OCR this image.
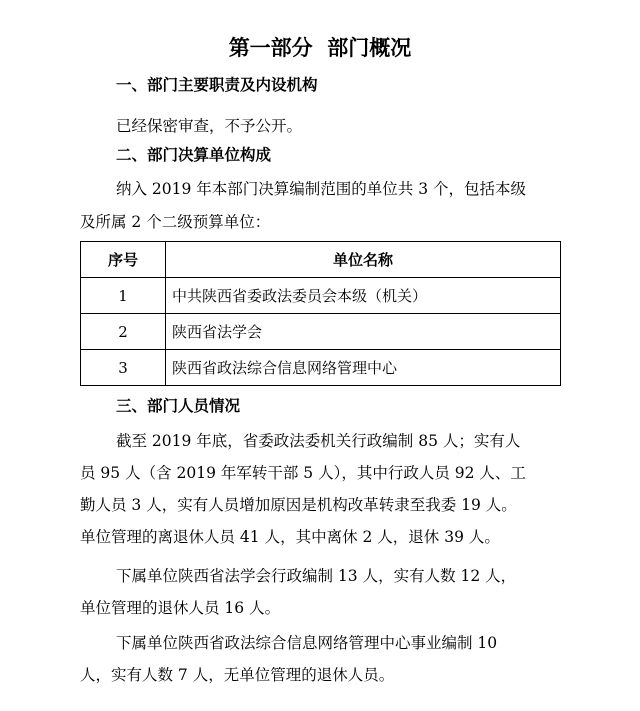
第一部分  部门概况
一、部门主要职责及内设机构
已经保密审查，不予公开。
二、部门决算单位构成
纳入 2019 年本部门决算编制范围的单位共 3 个，包括本级
及所属 2 个二级预算单位：
序号	单位名称
1	中共陕西省委政法委员会本级（机关）
2	陕西省法学会
3	陕西省政法综合信息网络管理中心
三、部门人员情况
截至 2019 年底，省委政法委机关行政编制 85 人；实有人
员 95 人（含 2019 年军转干部 5 人），其中行政人员 92 人、工
勤人员 3 人，实有人员增加原因是机构改革转隶至我委 19 人。
单位管理的离退休人员 41 人，其中离休 2 人，退休 39 人。
下属单位陕西省法学会行政编制 13 人，实有人数 12 人，
单位管理的退休人员 16 人。
下属单位陕西省政法综合信息网络管理中心事业编制 10
人，实有人数 7 人，无单位管理的退休人员。
